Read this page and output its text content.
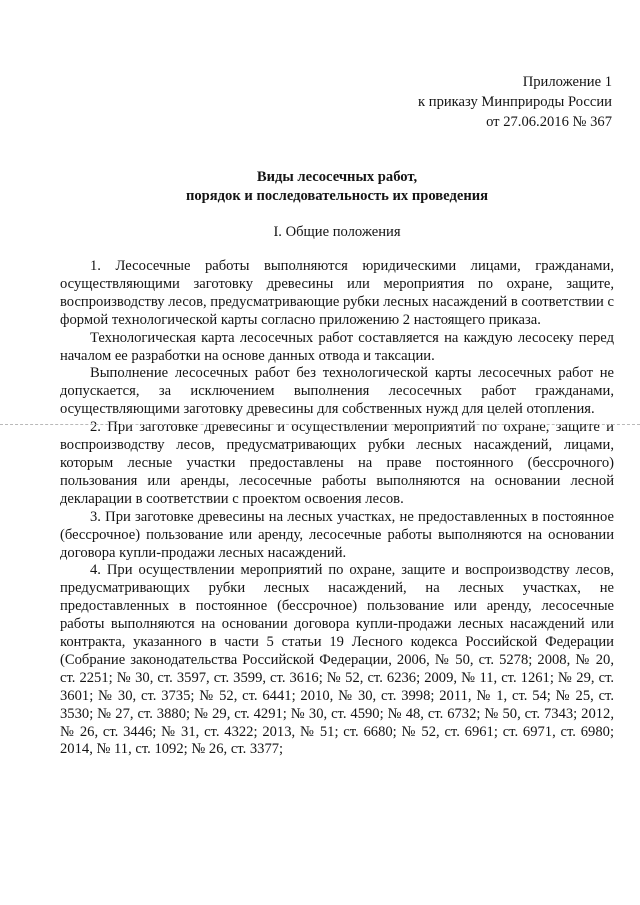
Приложение 1
к приказу Минприроды России
от 27.06.2016 № 367
Виды лесосечных работ,
порядок и последовательность их проведения
I. Общие положения

1. Лесосечные работы выполняются юридическими лицами, гражданами, осуществляющими заготовку древесины или мероприятия по охране, защите, воспроизводству лесов, предусматривающие рубки лесных насаждений в соответствии с формой технологической карты согласно приложению 2 настоящего приказа.

Технологическая карта лесосечных работ составляется на каждую лесосеку перед началом ее разработки на основе данных отвода и таксации.

Выполнение лесосечных работ без технологической карты лесосечных работ не допускается, за исключением выполнения лесосечных работ гражданами, осуществляющими заготовку древесины для собственных нужд для целей отопления.

2. При заготовке древесины и осуществлении мероприятий по охране, защите и воспроизводству лесов, предусматривающих рубки лесных насаждений, лицами, которым лесные участки предоставлены на праве постоянного (бессрочного) пользования или аренды, лесосечные работы выполняются на основании лесной декларации в соответствии с проектом освоения лесов.

3. При заготовке древесины на лесных участках, не предоставленных в постоянное (бессрочное) пользование или аренду, лесосечные работы выполняются на основании договора купли-продажи лесных насаждений.

4. При осуществлении мероприятий по охране, защите и воспроизводству лесов, предусматривающих рубки лесных насаждений, на лесных участках, не предоставленных в постоянное (бессрочное) пользование или аренду, лесосечные работы выполняются на основании договора купли-продажи лесных насаждений или контракта, указанного в части 5 статьи 19 Лесного кодекса Российской Федерации (Собрание законодательства Российской Федерации, 2006, № 50, ст. 5278; 2008, № 20, ст. 2251; № 30, ст. 3597, ст. 3599, ст. 3616; № 52, ст. 6236; 2009, № 11, ст. 1261; № 29, ст. 3601; № 30, ст. 3735; № 52, ст. 6441; 2010, № 30, ст. 3998; 2011, № 1, ст. 54; № 25, ст. 3530; № 27, ст. 3880; № 29, ст. 4291; № 30, ст. 4590; № 48, ст. 6732; № 50, ст. 7343; 2012, № 26, ст. 3446; № 31, ст. 4322; 2013, № 51; ст. 6680; № 52, ст. 6961; ст. 6971, ст. 6980; 2014, № 11, ст. 1092; № 26, ст. 3377;
